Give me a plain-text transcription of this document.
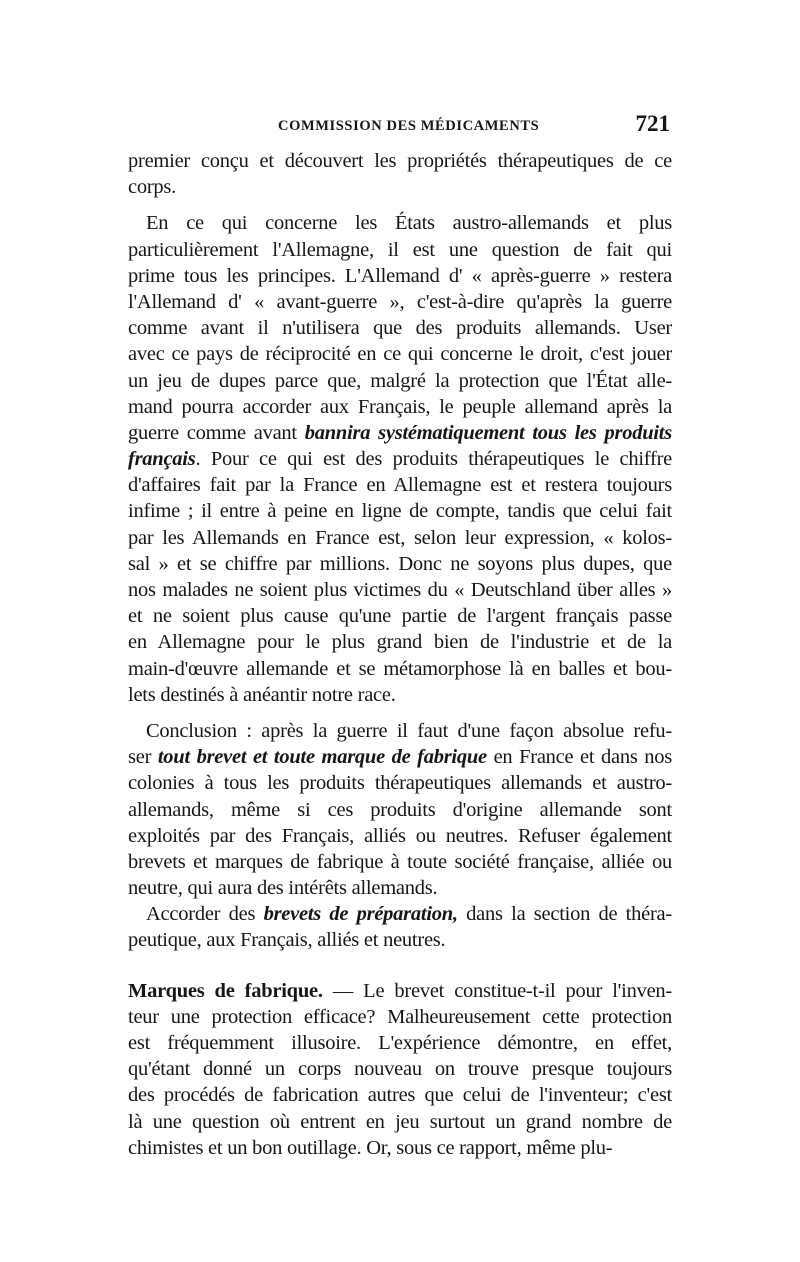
COMMISSION DES MÉDICAMENTS	721
premier conçu et découvert les propriétés thérapeutiques de ce
corps.
En ce qui concerne les États austro-allemands et plus
particulièrement l'Allemagne, il est une question de fait qui
prime tous les principes. L'Allemand d' « après-guerre » restera
l'Allemand d' « avant-guerre », c'est-à-dire qu'après la guerre
comme avant il n'utilisera que des produits allemands. User
avec ce pays de réciprocité en ce qui concerne le droit, c'est jouer
un jeu de dupes parce que, malgré la protection que l'État alle-
mand pourra accorder aux Français, le peuple allemand après la
guerre comme avant bannira systématiquement tous les produits
français. Pour ce qui est des produits thérapeutiques le chiffre
d'affaires fait par la France en Allemagne est et restera toujours
infime ; il entre à peine en ligne de compte, tandis que celui fait
par les Allemands en France est, selon leur expression, « kolos-
sal » et se chiffre par millions. Donc ne soyons plus dupes, que
nos malades ne soient plus victimes du « Deutschland über alles »
et ne soient plus cause qu'une partie de l'argent français passe
en Allemagne pour le plus grand bien de l'industrie et de la
main-d'œuvre allemande et se métamorphose là en balles et bou-
lets destinés à anéantir notre race.
Conclusion : après la guerre il faut d'une façon absolue refu-
ser tout brevet et toute marque de fabrique en France et dans nos
colonies à tous les produits thérapeutiques allemands et austro-
allemands, même si ces produits d'origine allemande sont
exploités par des Français, alliés ou neutres. Refuser également
brevets et marques de fabrique à toute société française, alliée ou
neutre, qui aura des intérêts allemands.
Accorder des brevets de préparation, dans la section de théra-
peutique, aux Français, alliés et neutres.
Marques de fabrique. — Le brevet constitue-t-il pour l'inven-
teur une protection efficace? Malheureusement cette protection
est fréquemment illusoire. L'expérience démontre, en effet,
qu'étant donné un corps nouveau on trouve presque toujours
des procédés de fabrication autres que celui de l'inventeur; c'est
là une question où entrent en jeu surtout un grand nombre de
chimistes et un bon outillage. Or, sous ce rapport, même plu-
